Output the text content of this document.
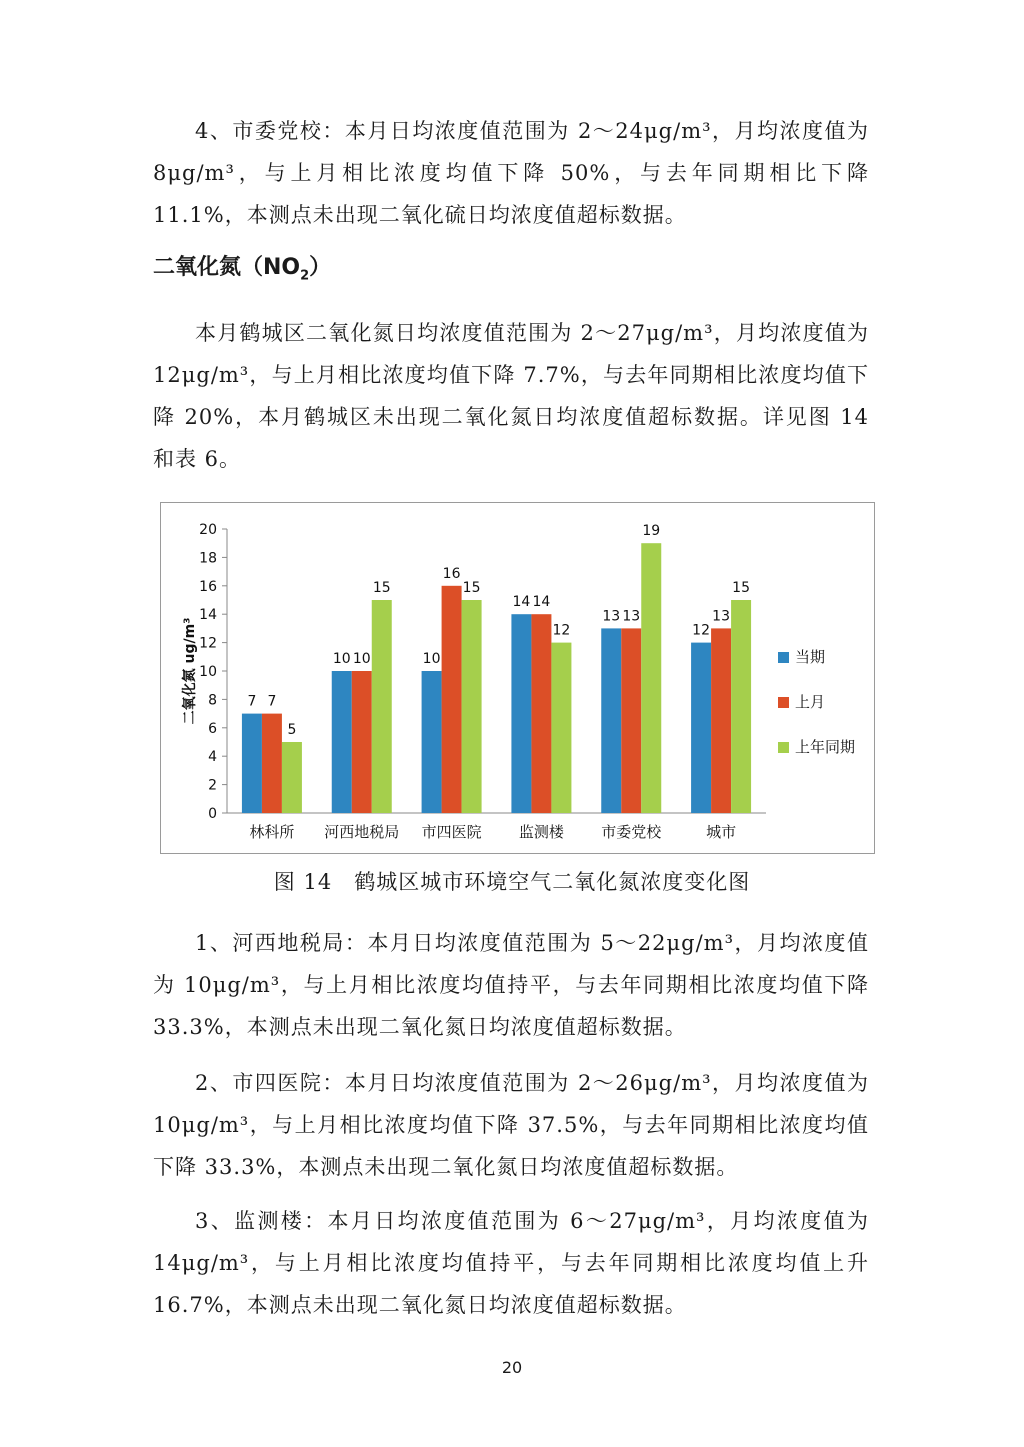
4、市委党校：本月日均浓度值范围为 2～24μg/m³，月均浓度值为 8μg/m³，与上月相比浓度均值下降 50%，与去年同期相比下降 11.1%，本测点未出现二氧化硫日均浓度值超标数据。

二氧化氮$(NO_2)$

本月鹤城区二氧化氮日均浓度值范围为 2～27μg/m³，月均浓度值为 12μg/m³，与上月相比浓度均值下降 7.7%，与去年同期相比浓度均值下降 20%，本月鹤城区未出现二氧化氮日均浓度值超标数据。详见图 14 和表 6。

0
2
4
6
8
10
12
14
16
18
20
二氧化氮 ug/m³
7 7
5
林科所
10 10
15
河西地税局
10
16
15
市四医院
14 14
12
监测楼
13 13
19
市委党校
12
13
15
城市
当期
上月
上年同期

图 14　鹤城区城市环境空气二氧化氮浓度变化图

1、河西地税局：本月日均浓度值范围为 5～22μg/m³，月均浓度值为 10μg/m³，与上月相比浓度均值持平，与去年同期相比浓度均值下降 33.3%，本测点未出现二氧化氮日均浓度值超标数据。

2、市四医院：本月日均浓度值范围为 2～26μg/m³，月均浓度值为 10μg/m³，与上月相比浓度均值下降 37.5%，与去年同期相比浓度均值下降 33.3%，本测点未出现二氧化氮日均浓度值超标数据。

3、监测楼：本月日均浓度值范围为 6～27μg/m³，月均浓度值为 14μg/m³，与上月相比浓度均值持平，与去年同期相比浓度均值上升 16.7%，本测点未出现二氧化氮日均浓度值超标数据。

20
